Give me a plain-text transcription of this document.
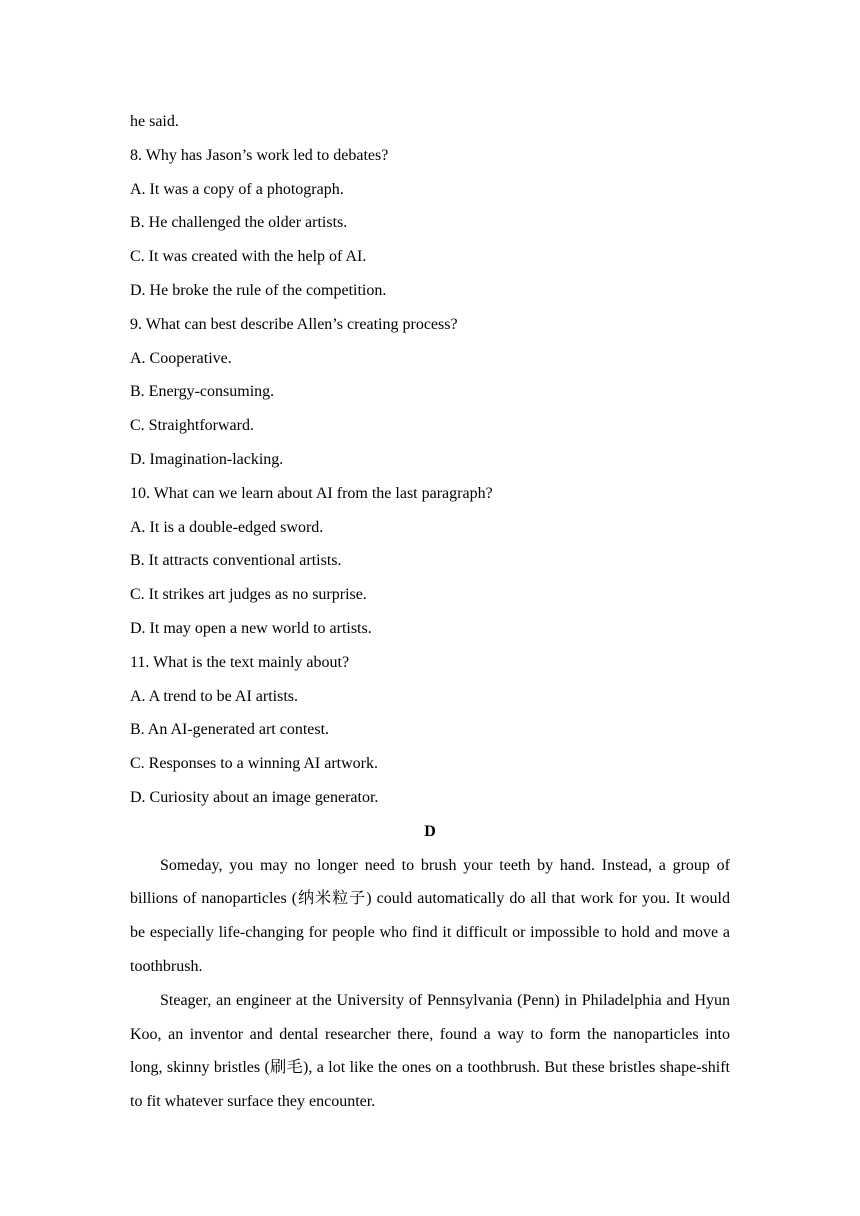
he said.
8. Why has Jason’s work led to debates?
A. It was a copy of a photograph.
B. He challenged the older artists.
C. It was created with the help of AI.
D. He broke the rule of the competition.
9. What can best describe Allen’s creating process?
A. Cooperative.
B. Energy-consuming.
C. Straightforward.
D. Imagination-lacking.
10. What can we learn about AI from the last paragraph?
A. It is a double-edged sword.
B. It attracts conventional artists.
C. It strikes art judges as no surprise.
D. It may open a new world to artists.
11. What is the text mainly about?
A. A trend to be AI artists.
B. An AI-generated art contest.
C. Responses to a winning AI artwork.
D. Curiosity about an image generator.
D

Someday, you may no longer need to brush your teeth by hand. Instead, a group of billions of nanoparticles (纳米粒子) could automatically do all that work for you. It would be especially life-changing for people who find it difficult or impossible to hold and move a toothbrush.

Steager, an engineer at the University of Pennsylvania (Penn) in Philadelphia and Hyun Koo, an inventor and dental researcher there, found a way to form the nanoparticles into long, skinny bristles (刷毛), a lot like the ones on a toothbrush. But these bristles shape-shift to fit whatever surface they encounter.
